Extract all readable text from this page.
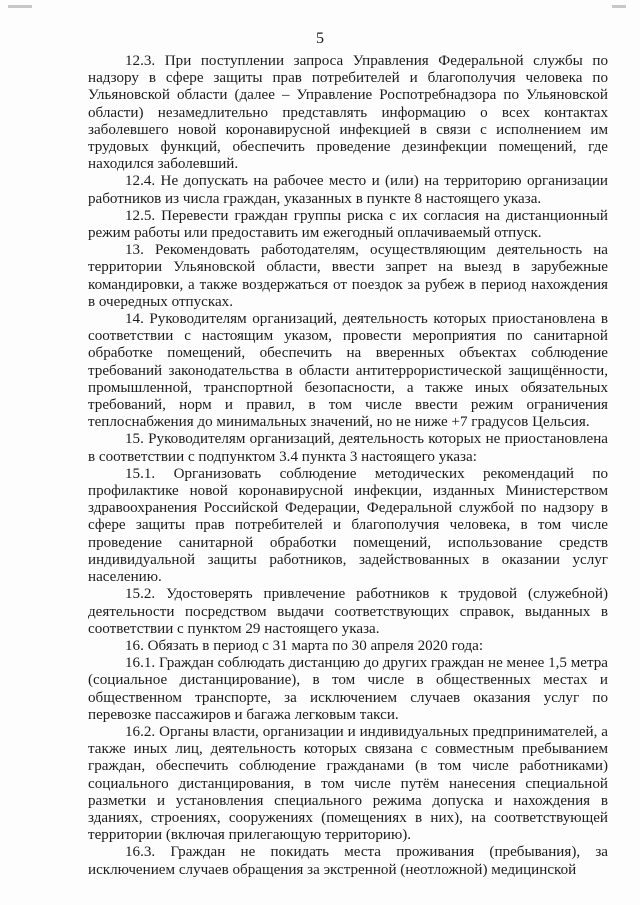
5

12.3. При поступлении запроса Управления Федеральной службы по надзору в сфере защиты прав потребителей и благополучия человека по Ульяновской области (далее – Управление Роспотребнадзора по Ульяновской области) незамедлительно представлять информацию о всех контактах заболевшего новой коронавирусной инфекцией в связи с исполнением им трудовых функций, обеспечить проведение дезинфекции помещений, где находился заболевший.

12.4. Не допускать на рабочее место и (или) на территорию организации работников из числа граждан, указанных в пункте 8 настоящего указа.

12.5. Перевести граждан группы риска с их согласия на дистанционный режим работы или предоставить им ежегодный оплачиваемый отпуск.

13. Рекомендовать работодателям, осуществляющим деятельность на территории Ульяновской области, ввести запрет на выезд в зарубежные командировки, а также воздержаться от поездок за рубеж в период нахождения в очередных отпусках.

14. Руководителям организаций, деятельность которых приостановлена в соответствии с настоящим указом, провести мероприятия по санитарной обработке помещений, обеспечить на вверенных объектах соблюдение требований законодательства в области антитеррористической защищённости, промышленной, транспортной безопасности, а также иных обязательных требований, норм и правил, в том числе ввести режим ограничения теплоснабжения до минимальных значений, но не ниже +7 градусов Цельсия.

15. Руководителям организаций, деятельность которых не приостановлена в соответствии с подпунктом 3.4 пункта 3 настоящего указа:

15.1. Организовать соблюдение методических рекомендаций по профилактике новой коронавирусной инфекции, изданных Министерством здравоохранения Российской Федерации, Федеральной службой по надзору в сфере защиты прав потребителей и благополучия человека, в том числе проведение санитарной обработки помещений, использование средств индивидуальной защиты работников, задействованных в оказании услуг населению.

15.2. Удостоверять привлечение работников к трудовой (служебной) деятельности посредством выдачи соответствующих справок, выданных в соответствии с пунктом 29 настоящего указа.

16. Обязать в период с 31 марта по 30 апреля 2020 года:

16.1. Граждан соблюдать дистанцию до других граждан не менее 1,5 метра (социальное дистанцирование), в том числе в общественных местах и общественном транспорте, за исключением случаев оказания услуг по перевозке пассажиров и багажа легковым такси.

16.2. Органы власти, организации и индивидуальных предпринимателей, а также иных лиц, деятельность которых связана с совместным пребыванием граждан, обеспечить соблюдение гражданами (в том числе работниками) социального дистанцирования, в том числе путём нанесения специальной разметки и установления специального режима допуска и нахождения в зданиях, строениях, сооружениях (помещениях в них), на соответствующей территории (включая прилегающую территорию).

16.3. Граждан не покидать места проживания (пребывания), за исключением случаев обращения за экстренной (неотложной) медицинской
